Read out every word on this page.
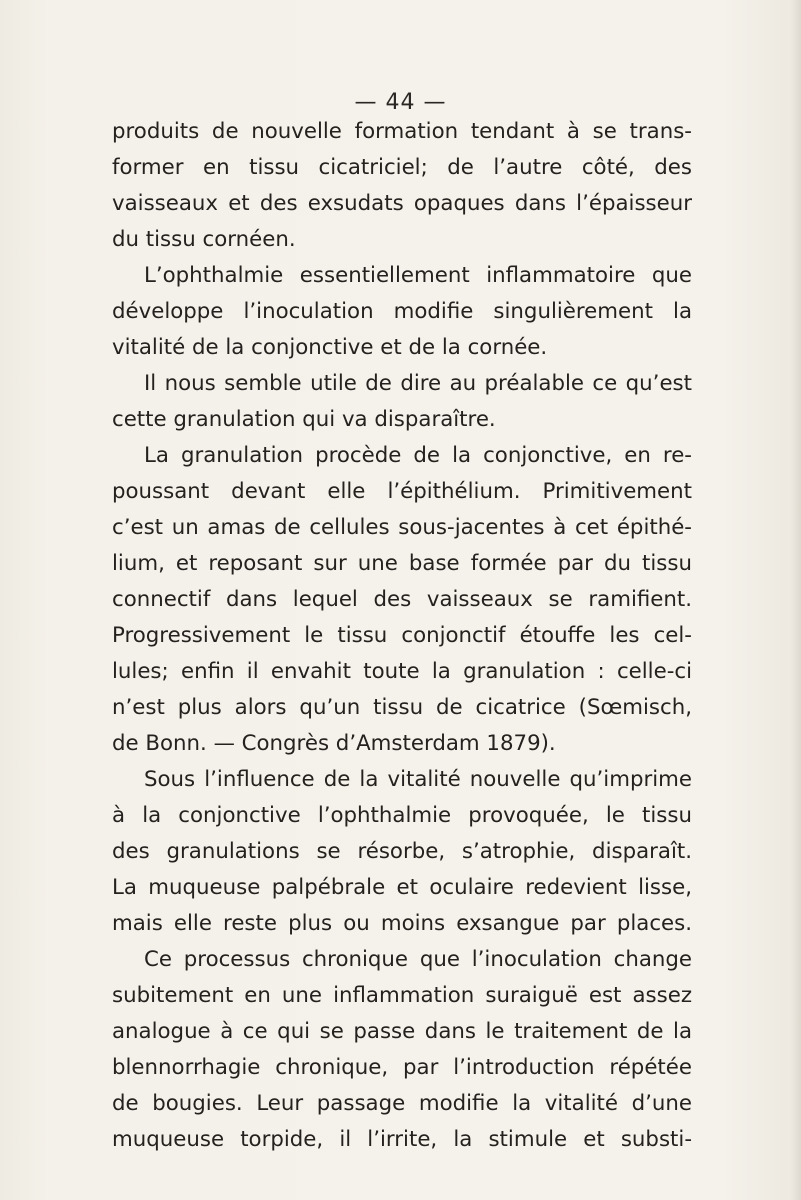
— 44 —
produits de nouvelle formation tendant à se trans-
former en tissu cicatriciel; de l’autre côté, des
vaisseaux et des exsudats opaques dans l’épaisseur
du tissu cornéen.
L’ophthalmie essentiellement inflammatoire que
développe l’inoculation modifie singulièrement la
vitalité de la conjonctive et de la cornée.
Il nous semble utile de dire au préalable ce qu’est
cette granulation qui va disparaître.
La granulation procède de la conjonctive, en re-
poussant devant elle l’épithélium. Primitivement
c’est un amas de cellules sous-jacentes à cet épithé-
lium, et reposant sur une base formée par du tissu
connectif dans lequel des vaisseaux se ramifient.
Progressivement le tissu conjonctif étouffe les cel-
lules; enfin il envahit toute la granulation : celle-ci
n’est plus alors qu’un tissu de cicatrice (Sœmisch,
de Bonn. — Congrès d’Amsterdam 1879).
Sous l’influence de la vitalité nouvelle qu’imprime
à la conjonctive l’ophthalmie provoquée, le tissu
des granulations se résorbe, s’atrophie, disparaît.
La muqueuse palpébrale et oculaire redevient lisse,
mais elle reste plus ou moins exsangue par places.
Ce processus chronique que l’inoculation change
subitement en une inflammation suraiguë est assez
analogue à ce qui se passe dans le traitement de la
blennorrhagie chronique, par l’introduction répétée
de bougies. Leur passage modifie la vitalité d’une
muqueuse torpide, il l’irrite, la stimule et substi-
